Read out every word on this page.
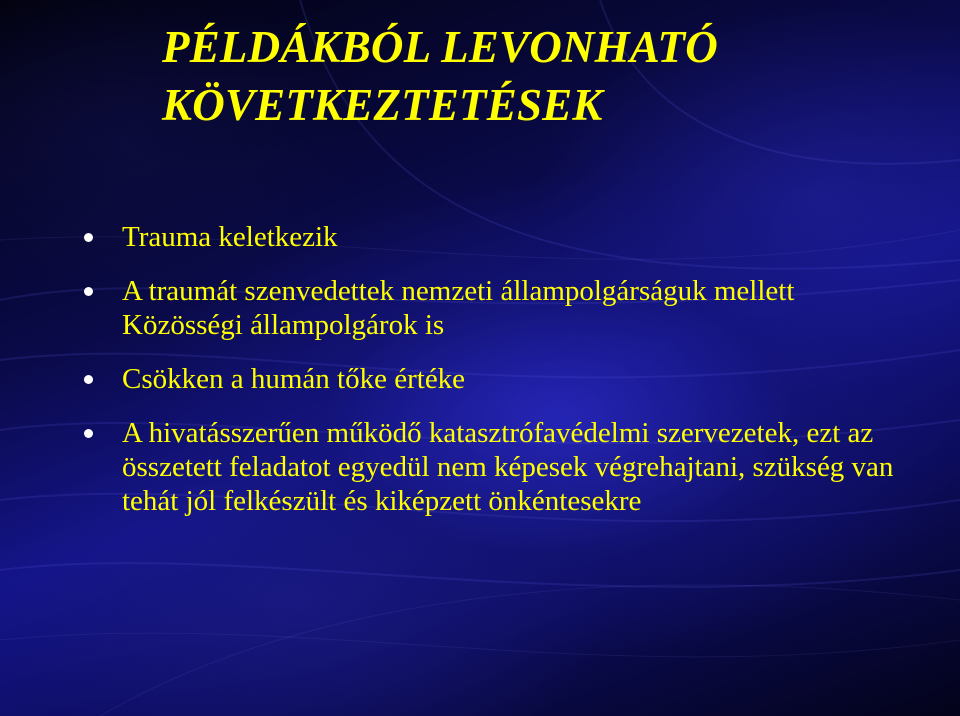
PÉLDÁKBÓL LEVONHATÓ
KÖVETKEZTETÉSEK
Trauma keletkezik
A traumát szenvedettek nemzeti állampolgárságuk mellett Közösségi állampolgárok is
Csökken a humán tőke értéke
A hivatásszerűen működő katasztrófavédelmi szervezetek, ezt az összetett feladatot egyedül nem képesek végrehajtani, szükség van tehát jól felkészült és kiképzett önkéntesekre
